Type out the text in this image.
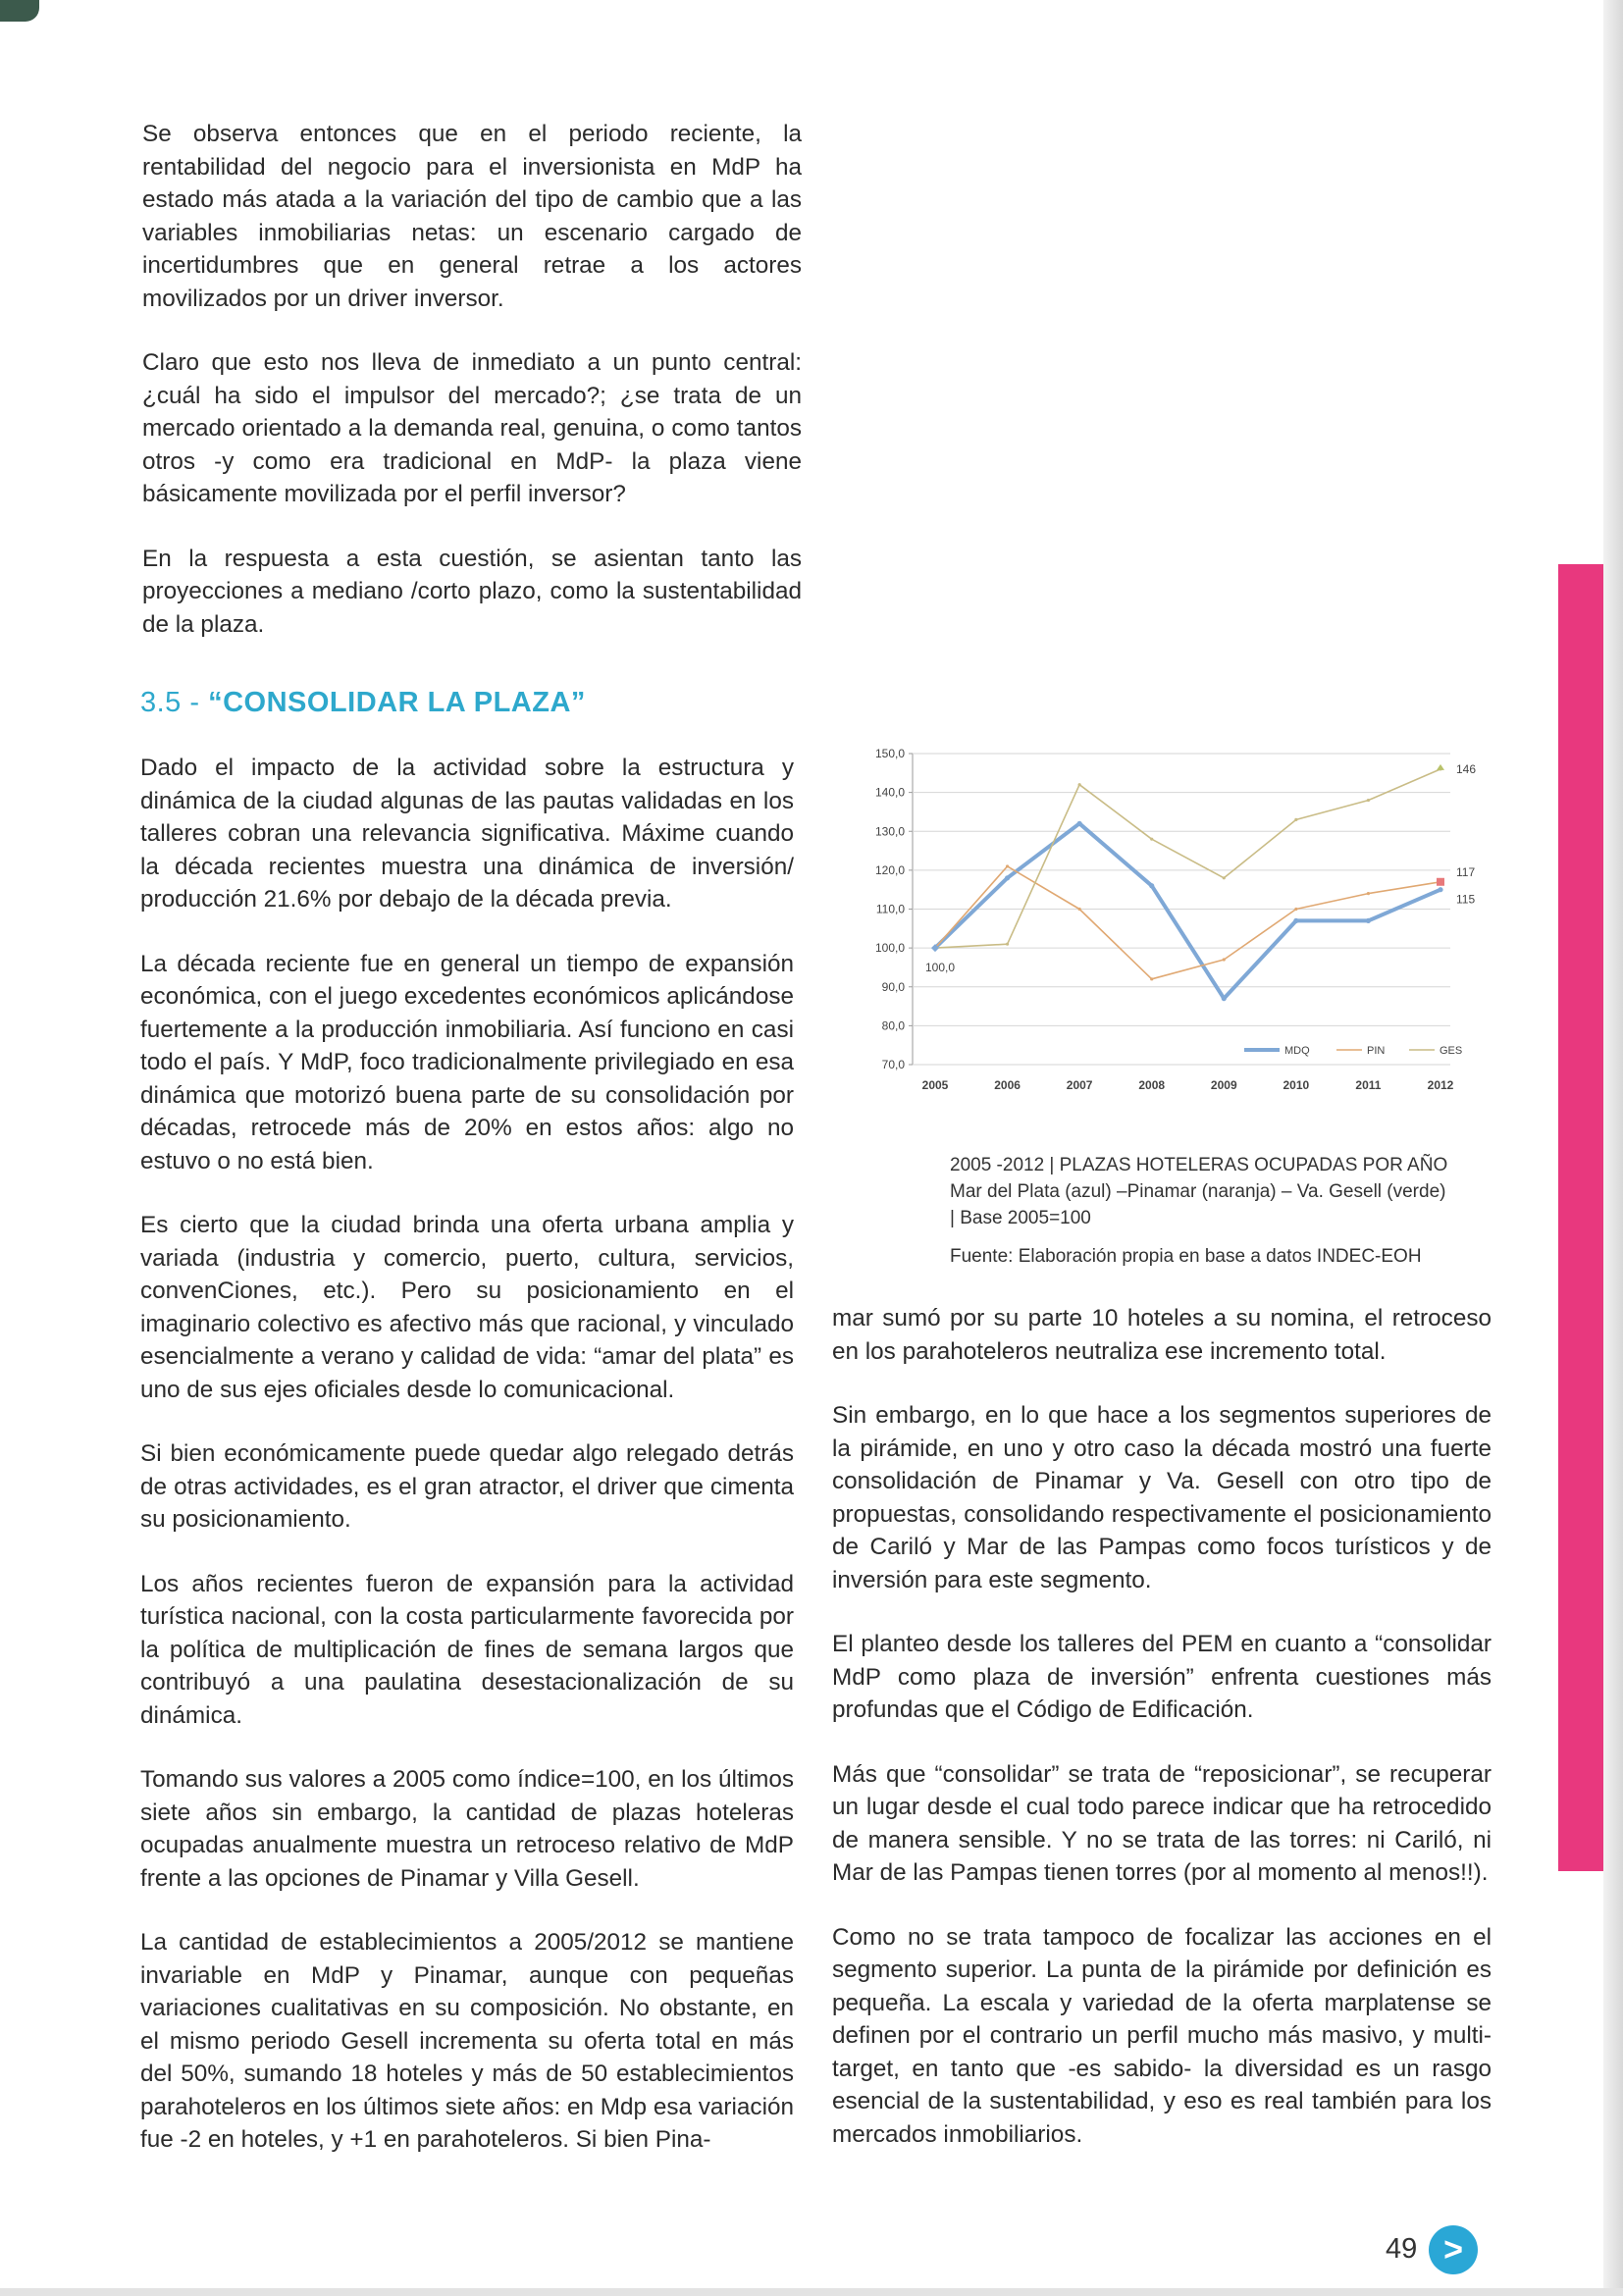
Se observa entonces que en el periodo reciente, la rentabilidad del negocio para el inversionista en MdP ha estado más atada a la variación del tipo de cambio que a las variables inmobiliarias netas: un escenario cargado de incertidumbres que en general retrae a los actores movilizados por un driver inversor.

Claro que esto nos lleva de inmediato a un punto central: ¿cuál ha sido el impulsor del mercado?; ¿se trata de un mercado orientado a la demanda real, genuina, o como tantos otros -y como era tradicional en MdP- la plaza viene básicamente movilizada por el perfil inversor?

En la respuesta a esta cuestión, se asientan tanto las proyecciones a mediano /corto plazo, como la sustentabilidad de la plaza.

3.5 - “CONSOLIDAR LA PLAZA”

Dado el impacto de la actividad sobre la estructura y dinámica de la ciudad algunas de las pautas validadas en los talleres cobran una relevancia significativa. Máxime cuando la década recientes muestra una dinámica de inversión/ producción 21.6% por debajo de la década previa.

La década reciente fue en general un tiempo de expansión económica, con el juego excedentes económicos aplicándose fuertemente a la producción inmobiliaria. Así funciono en casi todo el país. Y MdP, foco tradicionalmente privilegiado en esa dinámica que motorizó buena parte de su consolidación por décadas, retrocede más de 20% en estos años: algo no estuvo o no está bien.

Es cierto que la ciudad brinda una oferta urbana amplia y variada (industria y comercio, puerto, cultura, servicios, convenCiones, etc.). Pero su posicionamiento en el imaginario colectivo es afectivo más que racional, y vinculado esencialmente a verano y calidad de vida: “amar del plata” es uno de sus ejes oficiales desde lo comunicacional.

Si bien económicamente puede quedar algo relegado detrás de otras actividades, es el gran atractor, el driver que cimenta su posicionamiento.

Los años recientes fueron de expansión para la actividad turística nacional, con la costa particularmente favorecida por la política de multiplicación de fines de semana largos que contribuyó a una paulatina desestacionalización de su dinámica.

Tomando sus valores a 2005 como índice=100, en los últimos siete años sin embargo, la cantidad de plazas hoteleras ocupadas anualmente muestra un retroceso relativo de MdP frente a las opciones de Pinamar y Villa Gesell.

La cantidad de establecimientos a 2005/2012 se mantiene invariable en MdP y Pinamar, aunque con pequeñas variaciones cualitativas en su composición. No obstante, en el mismo periodo Gesell incrementa su oferta total en más del 50%, sumando 18 hoteles y más de 50 establecimientos parahoteleros en los últimos siete años: en Mdp esa variación fue -2 en hoteles, y +1 en parahoteleros. Si bien Pina-

150,0
140,0
130,0
120,0
110,0
100,0
90,0
80,0
70,0
2005	2006	2007	2008	2009	2010	2011	2012
100,0
146
117
115
MDQ	PIN	GES

2005 -2012 | PLAZAS HOTELERAS OCUPADAS POR AÑO

Mar del Plata (azul) –Pinamar (naranja) – Va. Gesell (verde)

| Base 2005=100

Fuente: Elaboración propia en base a datos INDEC-EOH

mar sumó por su parte 10 hoteles a su nomina, el retroceso en los parahoteleros neutraliza ese incremento total.

Sin embargo, en lo que hace a los segmentos superiores de la pirámide, en uno y otro caso la década mostró una fuerte consolidación de Pinamar y Va. Gesell con otro tipo de propuestas, consolidando respectivamente el posicionamiento de Cariló y Mar de las Pampas como focos turísticos y de inversión para este segmento.

El planteo desde los talleres del PEM en cuanto a “consolidar MdP como plaza de inversión” enfrenta cuestiones más profundas que el Código de Edificación.

Más que “consolidar” se trata de “reposicionar”, se recuperar un lugar desde el cual todo parece indicar que ha retrocedido de manera sensible. Y no se trata de las torres: ni Cariló, ni Mar de las Pampas tienen torres (por al momento al menos!!).

Como no se trata tampoco de focalizar las acciones en el segmento superior. La punta de la pirámide por definición es pequeña. La escala y variedad de la oferta marplatense se definen por el contrario un perfil mucho más masivo, y multi-target, en tanto que -es sabido- la diversidad es un rasgo esencial de la sustentabilidad, y eso es real también para los mercados inmobiliarios.

49 >
